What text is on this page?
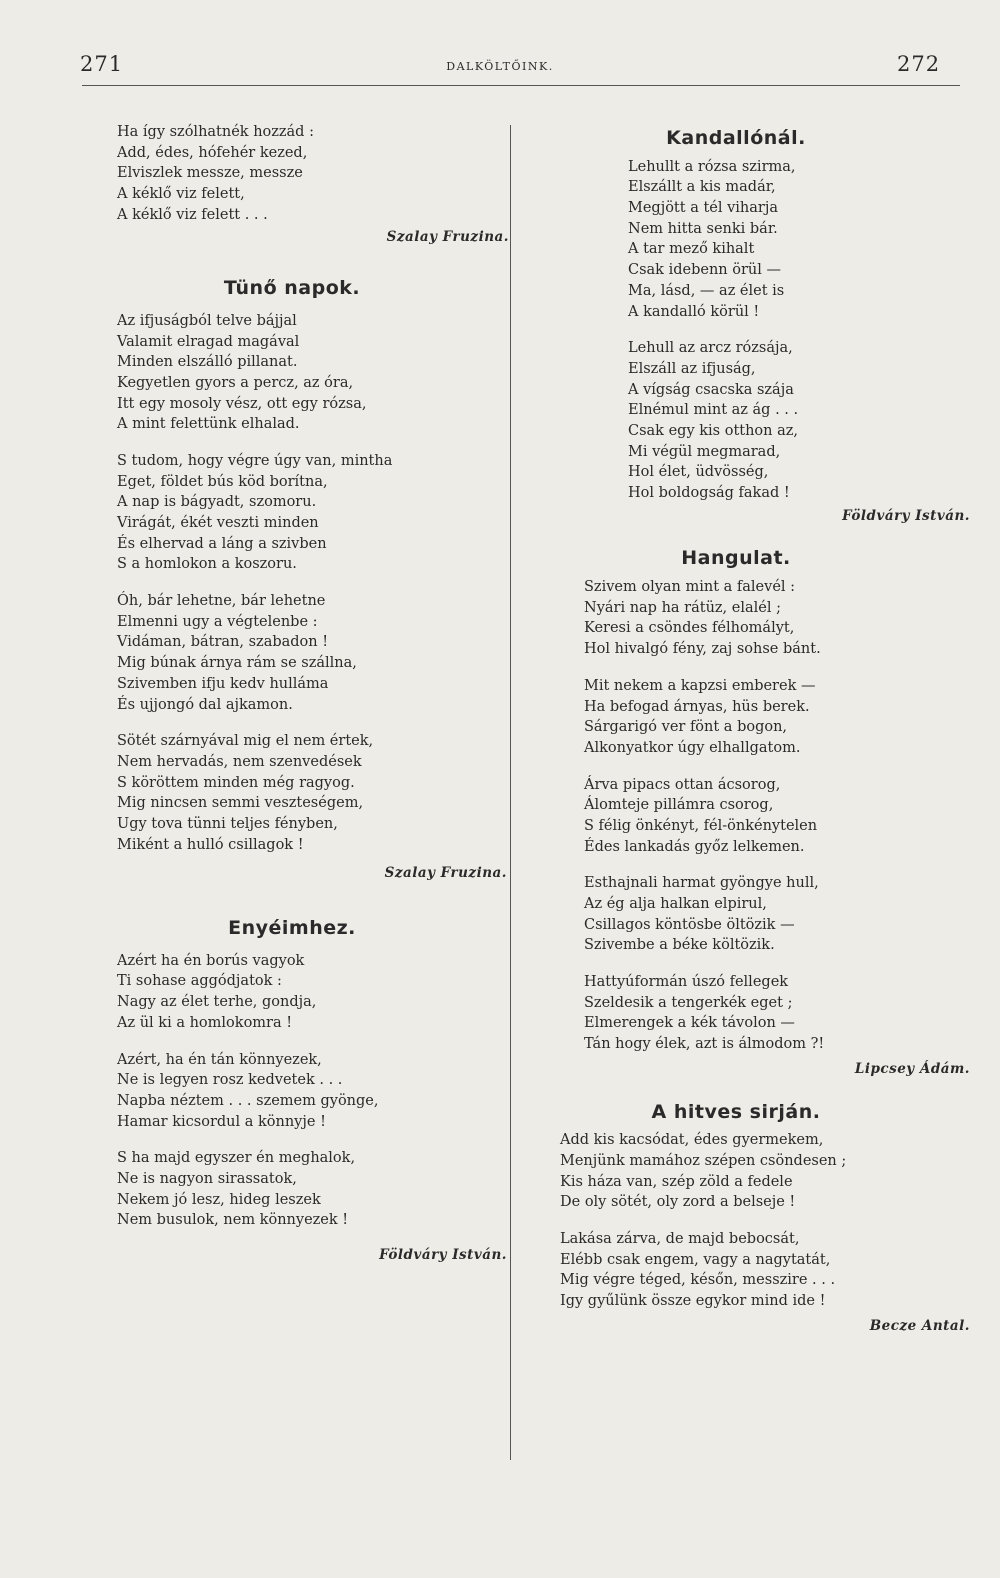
271	DALKÖLTŐINK.	272
Ha így szólhatnék hozzád :
Add, édes, hófehér kezed,
Elviszlek messze, messze
A kéklő viz felett,
A kéklő viz felett . . .
Szalay Fruzina.
Tünő napok.
Az ifjuságból telve bájjal
Valamit elragad magával
Minden elszálló pillanat.
Kegyetlen gyors a percz, az óra,
Itt egy mosoly vész, ott egy rózsa,
A mint felettünk elhalad.
S tudom, hogy végre úgy van, mintha
Eget, földet bús köd borítna,
A nap is bágyadt, szomoru.
Virágát, ékét veszti minden
És elhervad a láng a szivben
S a homlokon a koszoru.
Óh, bár lehetne, bár lehetne
Elmenni ugy a végtelenbe :
Vidáman, bátran, szabadon !
Mig búnak árnya rám se szállna,
Szivemben ifju kedv hulláma
És ujjongó dal ajkamon.
Sötét szárnyával mig el nem értek,
Nem hervadás, nem szenvedések
S köröttem minden még ragyog.
Mig nincsen semmi veszteségem,
Ugy tova tünni teljes fényben,
Miként a hulló csillagok !
Szalay Fruzina.
Enyéimhez.
Azért ha én borús vagyok
Ti sohase aggódjatok :
Nagy az élet terhe, gondja,
Az ül ki a homlokomra !
Azért, ha én tán könnyezek,
Ne is legyen rosz kedvetek . . .
Napba néztem . . . szemem gyönge,
Hamar kicsordul a könnyje !
S ha majd egyszer én meghalok,
Ne is nagyon sirassatok,
Nekem jó lesz, hideg leszek
Nem busulok, nem könnyezek !
Földváry István.
Kandallónál.
Lehullt a rózsa szirma,
Elszállt a kis madár,
Megjött a tél viharja
Nem hitta senki bár.
A tar mező kihalt
Csak idebenn örül —
Ma, lásd, — az élet is
A kandalló körül !
Lehull az arcz rózsája,
Elszáll az ifjuság,
A vígság csacska szája
Elnémul mint az ág . . .
Csak egy kis otthon az,
Mi végül megmarad,
Hol élet, üdvösség,
Hol boldogság fakad !
Földváry István.
Hangulat.
Szivem olyan mint a falevél :
Nyári nap ha rátüz, elalél ;
Keresi a csöndes félhomályt,
Hol hivalgó fény, zaj sohse bánt.
Mit nekem a kapzsi emberek —
Ha befogad árnyas, hüs berek.
Sárgarigó ver fönt a bogon,
Alkonyatkor úgy elhallgatom.
Árva pipacs ottan ácsorog,
Álomteje pillámra csorog,
S félig önkényt, fél-önkénytelen
Édes lankadás győz lelkemen.
Esthajnali harmat gyöngye hull,
Az ég alja halkan elpirul,
Csillagos köntösbe öltözik —
Szivembe a béke költözik.
Hattyúformán úszó fellegek
Szeldesik a tengerkék eget ;
Elmerengek a kék távolon —
Tán hogy élek, azt is álmodom ?!
Lipcsey Ádám.
A hitves sirján.
Add kis kacsódat, édes gyermekem,
Menjünk mamához szépen csöndesen ;
Kis háza van, szép zöld a fedele
De oly sötét, oly zord a belseje !
Lakása zárva, de majd bebocsát,
Elébb csak engem, vagy a nagytatát,
Mig végre téged, későn, messzire . . .
Igy gyűlünk össze egykor mind ide !
Becze Antal.
